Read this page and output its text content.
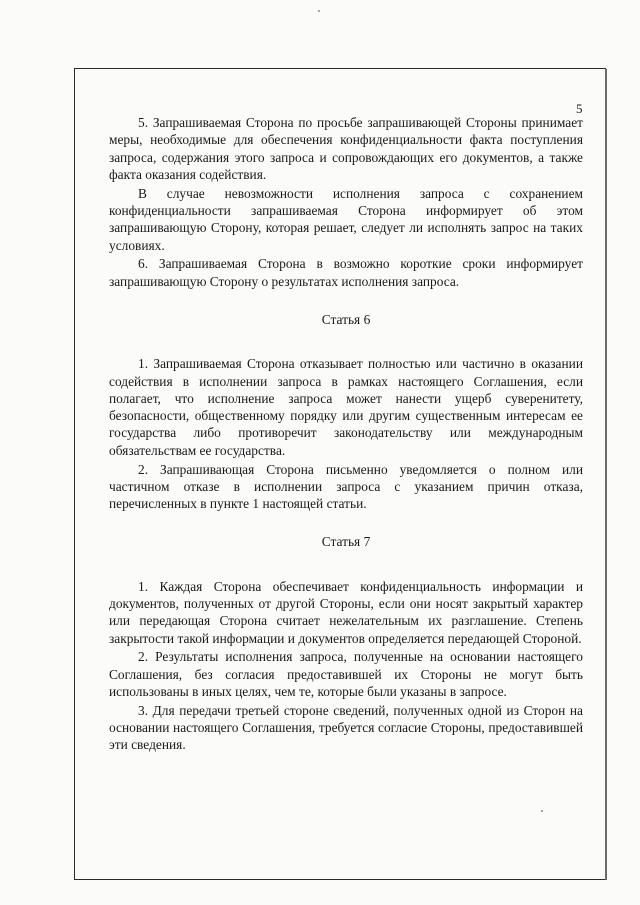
5

5. Запрашиваемая Сторона по просьбе запрашивающей Стороны принимает меры, необходимые для обеспечения конфиденциальности факта поступления запроса, содержания этого запроса и сопровождающих его документов, а также факта оказания содействия.

В случае невозможности исполнения запроса с сохранением конфиденциальности запрашиваемая Сторона информирует об этом запрашивающую Сторону, которая решает, следует ли исполнять запрос на таких условиях.

6. Запрашиваемая Сторона в возможно короткие сроки информирует запрашивающую Сторону о результатах исполнения запроса.

Статья 6

1. Запрашиваемая Сторона отказывает полностью или частично в оказании содействия в исполнении запроса в рамках настоящего Соглашения, если полагает, что исполнение запроса может нанести ущерб суверенитету, безопасности, общественному порядку или другим существенным интересам ее государства либо противоречит законодательству или международным обязательствам ее государства.

2. Запрашивающая Сторона письменно уведомляется о полном или частичном отказе в исполнении запроса с указанием причин отказа, перечисленных в пункте 1 настоящей статьи.

Статья 7

1. Каждая Сторона обеспечивает конфиденциальность информации и документов, полученных от другой Стороны, если они носят закрытый характер или передающая Сторона считает нежелательным их разглашение. Степень закрытости такой информации и документов определяется передающей Стороной.

2. Результаты исполнения запроса, полученные на основании настоящего Соглашения, без согласия предоставившей их Стороны не могут быть использованы в иных целях, чем те, которые были указаны в запросе.

3. Для передачи третьей стороне сведений, полученных одной из Сторон на основании настоящего Соглашения, требуется согласие Стороны, предоставившей эти сведения.
